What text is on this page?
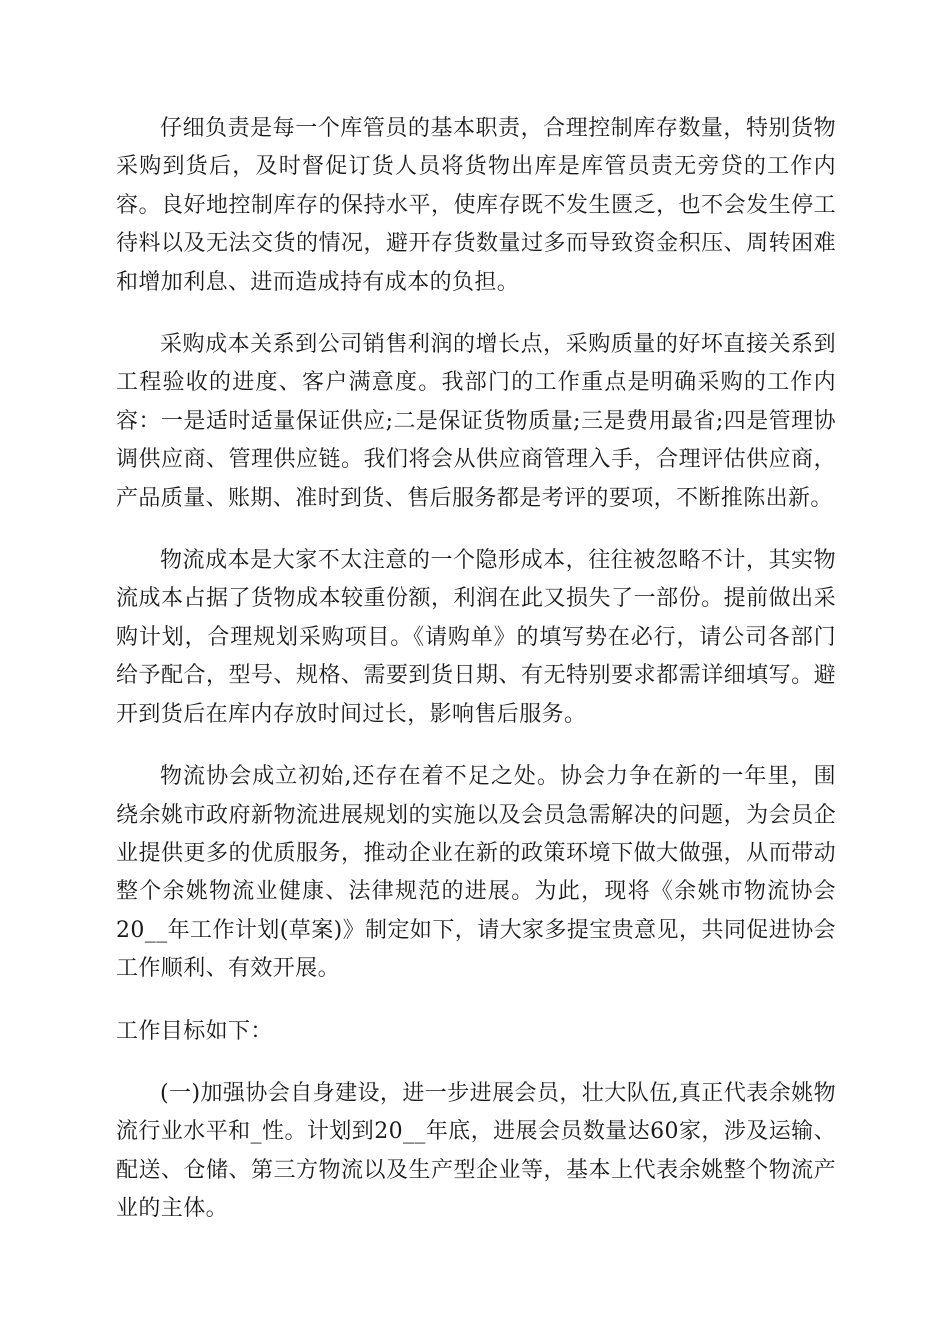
仔细负责是每一个库管员的基本职责，合理控制库存数量，特别货物采购到货后，及时督促订货人员将货物出库是库管员责无旁贷的工作内容。良好地控制库存的保持水平，使库存既不发生匮乏，也不会发生停工待料以及无法交货的情况，避开存货数量过多而导致资金积压、周转困难和增加利息、进而造成持有成本的负担。

采购成本关系到公司销售利润的增长点，采购质量的好坏直接关系到工程验收的进度、客户满意度。我部门的工作重点是明确采购的工作内容：一是适时适量保证供应;二是保证货物质量;三是费用最省;四是管理协调供应商、管理供应链。我们将会从供应商管理入手，合理评估供应商，产品质量、账期、准时到货、售后服务都是考评的要项，不断推陈出新。

物流成本是大家不太注意的一个隐形成本，往往被忽略不计，其实物流成本占据了货物成本较重份额，利润在此又损失了一部份。提前做出采购计划，合理规划采购项目。《请购单》的填写势在必行，请公司各部门给予配合，型号、规格、需要到货日期、有无特别要求都需详细填写。避开到货后在库内存放时间过长，影响售后服务。

物流协会成立初始,还存在着不足之处。协会力争在新的一年里，围绕余姚市政府新物流进展规划的实施以及会员急需解决的问题，为会员企业提供更多的优质服务，推动企业在新的政策环境下做大做强，从而带动整个余姚物流业健康、法律规范的进展。为此，现将《余姚市物流协会20__年工作计划(草案)》制定如下，请大家多提宝贵意见，共同促进协会工作顺利、有效开展。

工作目标如下：

(一)加强协会自身建设，进一步进展会员，壮大队伍,真正代表余姚物流行业水平和_性。计划到20__年底，进展会员数量达60家，涉及运输、配送、仓储、第三方物流以及生产型企业等，基本上代表余姚整个物流产业的主体。
